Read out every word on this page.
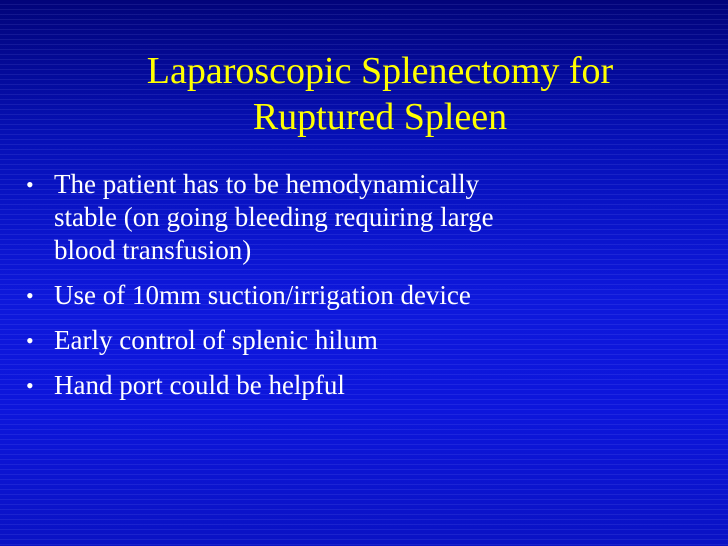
Laparoscopic Splenectomy for
Ruptured Spleen
• The patient has to be hemodynamically
stable (on going bleeding requiring large
blood transfusion)
• Use of 10mm suction/irrigation device
• Early control of splenic hilum
• Hand port could be helpful
